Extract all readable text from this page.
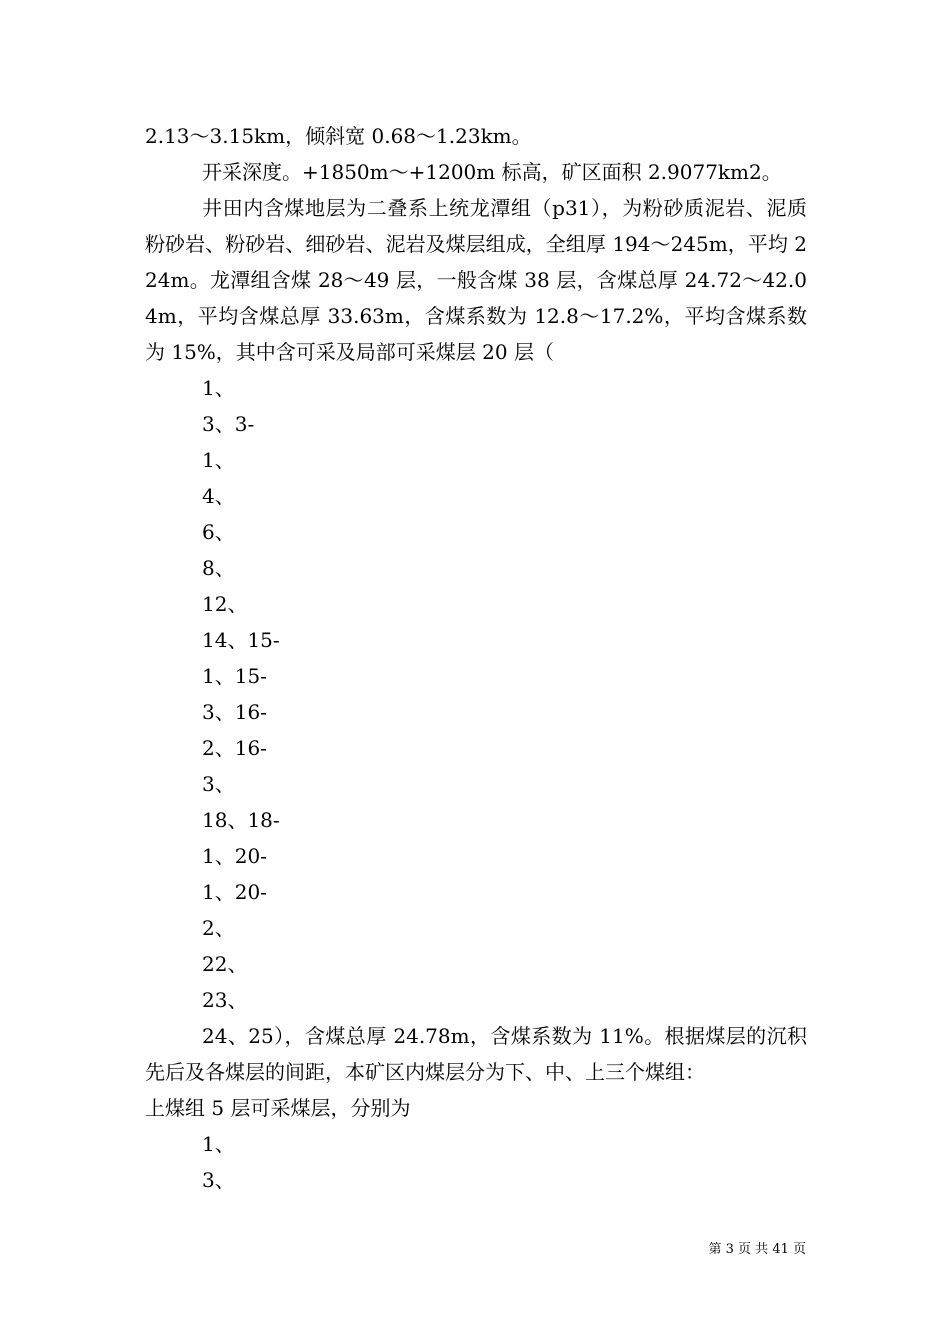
2.13～3.15km，倾斜宽 0.68～1.23km。

开采深度。+1850m～+1200m 标高，矿区面积 2.9077km2。

井田内含煤地层为二叠系上统龙潭组（p31），为粉砂质泥岩、泥质粉砂岩、粉砂岩、细砂岩、泥岩及煤层组成，全组厚 194～245m，平均 224m。龙潭组含煤 28～49 层，一般含煤 38 层，含煤总厚 24.72～42.04m，平均含煤总厚 33.63m，含煤系数为 12.8～17.2%，平均含煤系数为 15%，其中含可采及局部可采煤层 20 层（

1、

3、3-

1、

4、

6、

8、

12、

14、15-

1、15-

3、16-

2、16-

3、

18、18-

1、20-

1、20-

2、

22、

23、

24、25），含煤总厚 24.78m，含煤系数为 11%。根据煤层的沉积先后及各煤层的间距，本矿区内煤层分为下、中、上三个煤组：

上煤组 5 层可采煤层，分别为

1、

3、

第 3 页 共 41 页
